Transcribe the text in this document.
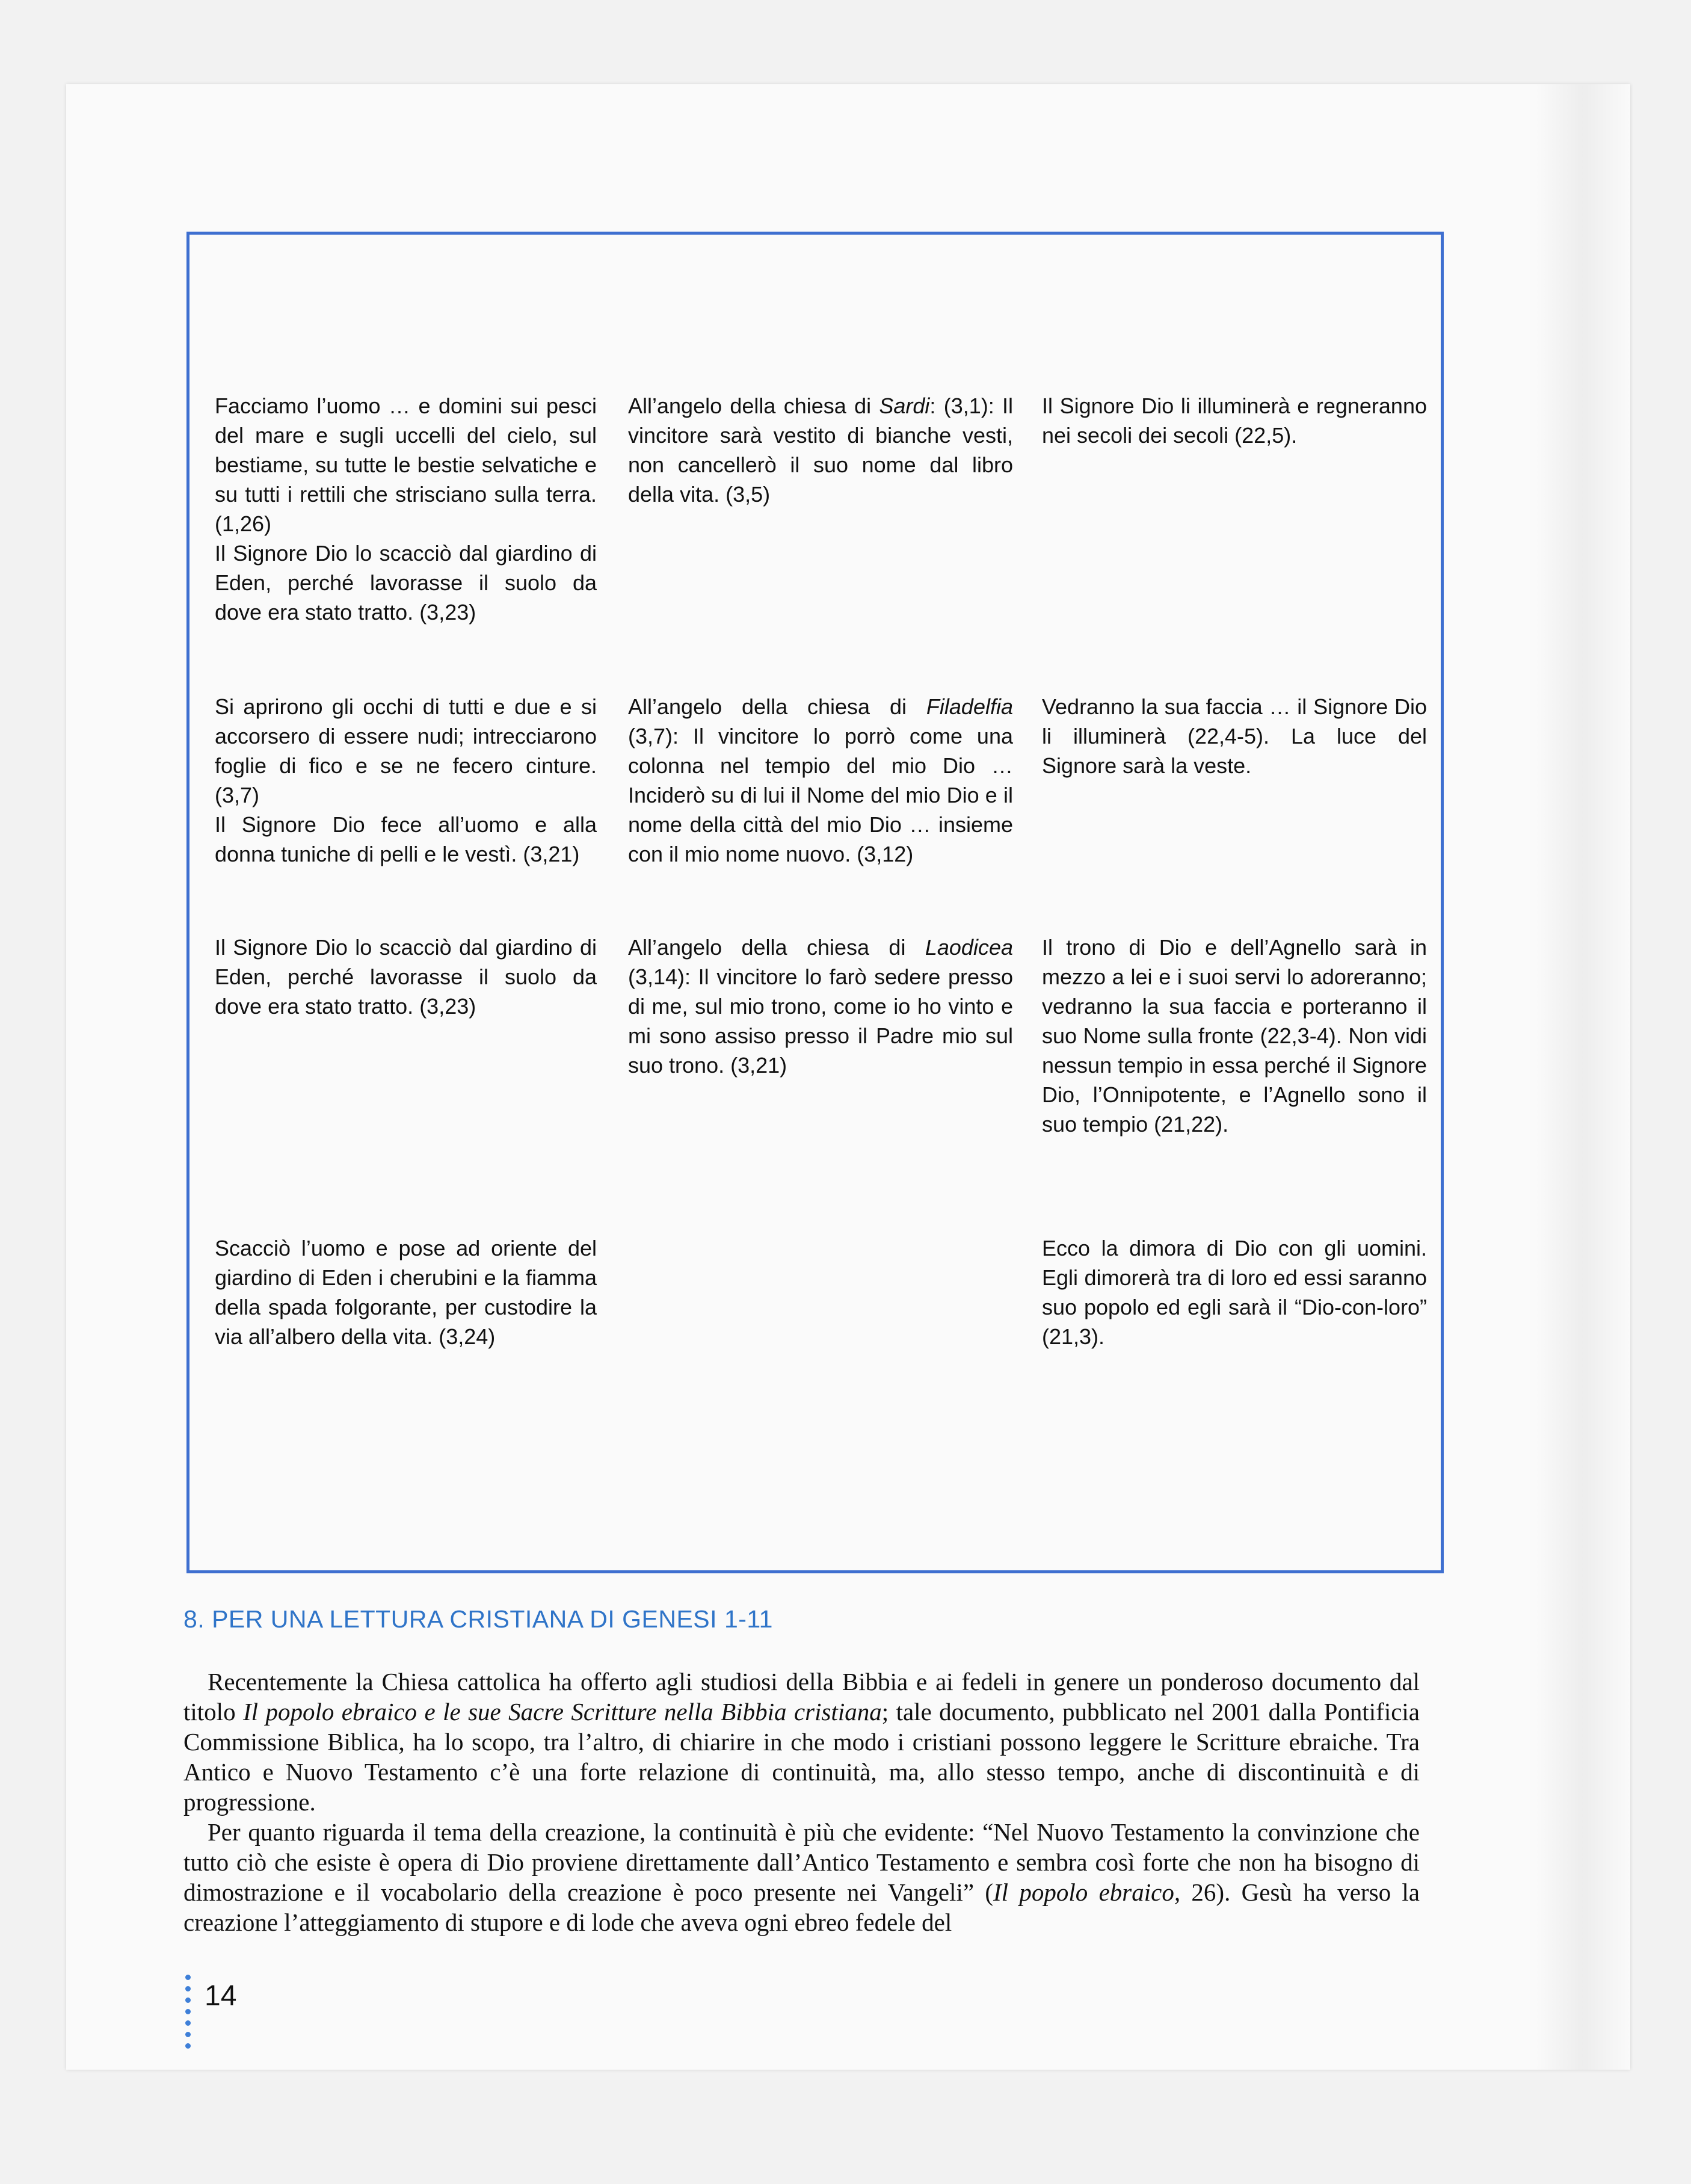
Facciamo l’uomo … e domini sui pesci del mare e sugli uccelli del cielo, sul bestiame, su tutte le bestie selvatiche e su tutti i rettili che strisciano sulla terra. (1,26)

Il Signore Dio lo scacciò dal giardino di Eden, perché lavorasse il suolo da dove era stato tratto. (3,23)

All’angelo della chiesa di Sardi: (3,1): Il vincitore sarà vestito di bianche vesti, non cancellerò il suo nome dal libro della vita. (3,5)

Il Signore Dio li illuminerà e regneranno nei secoli dei secoli (22,5).

Si aprirono gli occhi di tutti e due e si accorsero di essere nudi; intrecciarono foglie di fico e se ne fecero cinture. (3,7)

Il Signore Dio fece all’uomo e alla donna tuniche di pelli e le vestì. (3,21)

All’angelo della chiesa di Filadelfia (3,7): Il vincitore lo porrò come una colonna nel tempio del mio Dio … Inciderò su di lui il Nome del mio Dio e il nome della città del mio Dio … insieme con il mio nome nuovo. (3,12)

Vedranno la sua faccia … il Signore Dio li illuminerà (22,4-5). La luce del Signore sarà la veste.

Il Signore Dio lo scacciò dal giardino di Eden, perché lavorasse il suolo da dove era stato tratto. (3,23)

All’angelo della chiesa di Laodicea (3,14): Il vincitore lo farò sedere presso di me, sul mio trono, come io ho vinto e mi sono assiso presso il Padre mio sul suo trono. (3,21)

Il trono di Dio e dell’Agnello sarà in mezzo a lei e i suoi servi lo adoreranno; vedranno la sua faccia e porteranno il suo Nome sulla fronte (22,3-4). Non vidi nessun tempio in essa perché il Signore Dio, l’Onnipotente, e l’Agnello sono il suo tempio (21,22).

Scacciò l’uomo e pose ad oriente del giardino di Eden i cherubini e la fiamma della spada folgorante, per custodire la via all’albero della vita. (3,24)

Ecco la dimora di Dio con gli uomini. Egli dimorerà tra di loro ed essi saranno suo popolo ed egli sarà il “Dio-con-loro” (21,3).

8. PER UNA LETTURA CRISTIANA DI GENESI 1-11

Recentemente la Chiesa cattolica ha offerto agli studiosi della Bibbia e ai fedeli in genere un ponderoso documento dal titolo Il popolo ebraico e le sue Sacre Scritture nella Bibbia cristiana; tale documento, pubblicato nel 2001 dalla Pontificia Commissione Biblica, ha lo scopo, tra l’altro, di chiarire in che modo i cristiani possono leggere le Scritture ebraiche. Tra Antico e Nuovo Testamento c’è una forte relazione di continuità, ma, allo stesso tempo, anche di discontinuità e di progressione.

Per quanto riguarda il tema della creazione, la continuità è più che evidente: “Nel Nuovo Testamento la convinzione che tutto ciò che esiste è opera di Dio proviene direttamente dall’Antico Testamento e sembra così forte che non ha bisogno di dimostrazione e il vocabolario della creazione è poco presente nei Vangeli” (Il popolo ebraico, 26). Gesù ha verso la creazione l’atteggiamento di stupore e di lode che aveva ogni ebreo fedele del

14
